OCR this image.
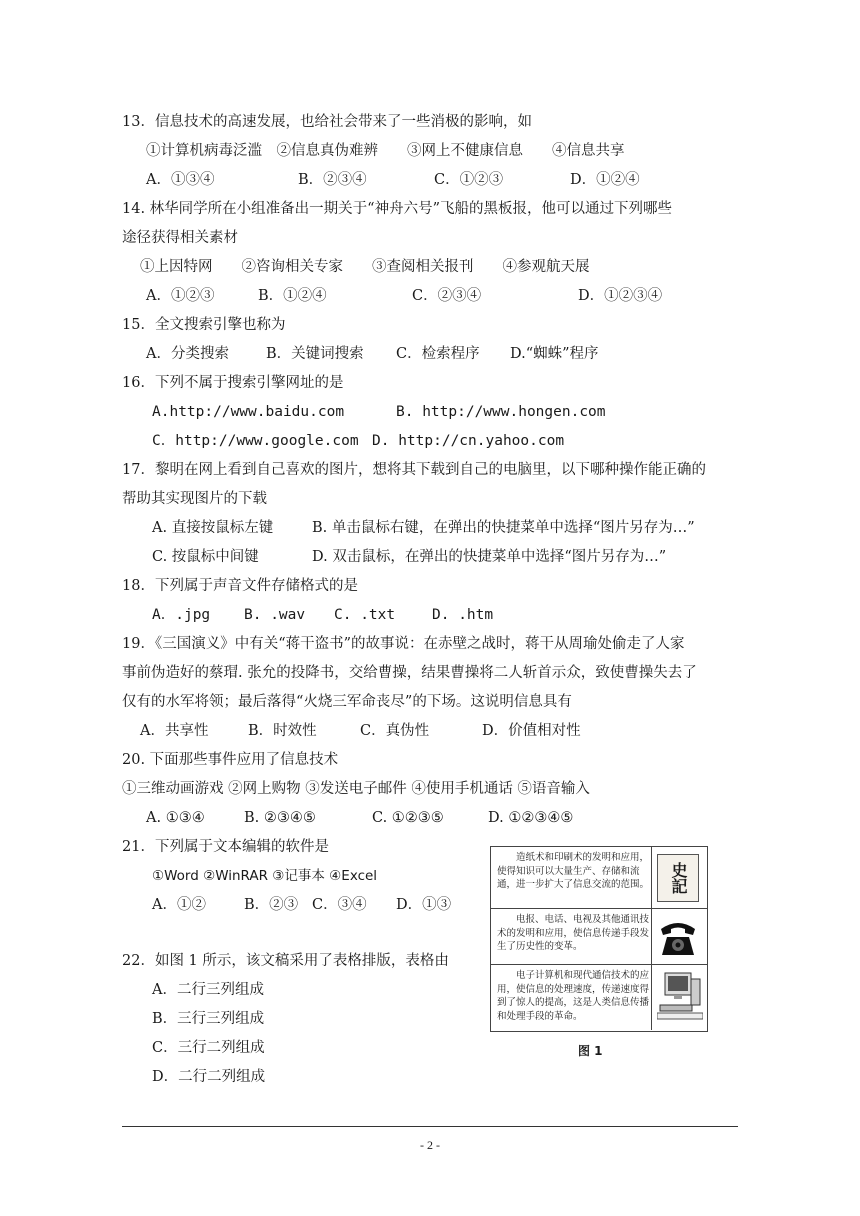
13．信息技术的高速发展，也给社会带来了一些消极的影响，如
①计算机病毒泛滥　②信息真伪难辨　　③网上不健康信息　　④信息共享
A．①③④	B．②③④	C．①②③	D．①②④
14. 林华同学所在小组准备出一期关于“神舟六号”飞船的黑板报，他可以通过下列哪些
途径获得相关素材
①上因特网　　②咨询相关专家　　③查阅相关报刊　　④参观航天展
A．①②③	B．①②④	C．②③④	D．①②③④
15．全文搜索引擎也称为
A．分类搜索	B．关键词搜索 C．检索程序 D.“蜘蛛”程序
16．下列不属于搜索引擎网址的是
A.http://www.baidu.com	B. http://www.hongen.com
C．http://www.google.com D. http://cn.yahoo.com
17．黎明在网上看到自己喜欢的图片，想将其下载到自己的电脑里，以下哪种操作能正确的
帮助其实现图片的下载
A. 直接按鼠标左键	B. 单击鼠标右键，在弹出的快捷菜单中选择“图片另存为…”
C. 按鼠标中间键	D. 双击鼠标，在弹出的快捷菜单中选择“图片另存为…”
18．下列属于声音文件存储格式的是
A．.jpg B. .wav C. .txt	D. .htm
19．《三国演义》中有关“蒋干盗书”的故事说：在赤壁之战时，蒋干从周瑜处偷走了人家
事前伪造好的蔡瑁. 张允的投降书，交给曹操，结果曹操将二人斩首示众，致使曹操失去了
仅有的水军将领；最后落得“火烧三军命丧尽”的下场。这说明信息具有
A．共享性	B．时效性	C．真伪性	D．价值相对性
20. 下面那些事件应用了信息技术
①三维动画游戏 ②网上购物 ③发送电子邮件 ④使用手机通话 ⑤语音输入
A. ①③④	B. ②③④⑤	C. ①②③⑤	D. ①②③④⑤
21．下列属于文本编辑的软件是
①Word ②WinRAR ③记事本 ④Excel
A．①②	B．②③ C．③④ D．①③
22．如图 1 所示，该文稿采用了表格排版，表格由
A．二行三列组成
B．三行三列组成
C．三行二列组成
D．二行二列组成
造纸术和印刷术的发明和应用，使得知识可以大量生产、存储和流通，进一步扩大了信息交流的范围。	史記
电报、电话、电视及其他通讯技术的发明和应用，使信息传递手段发生了历史性的变革。
电子计算机和现代通信技术的应用，使信息的处理速度，传递速度得到了惊人的提高，这是人类信息传播和处理手段的革命。
图 1
- 2 -
